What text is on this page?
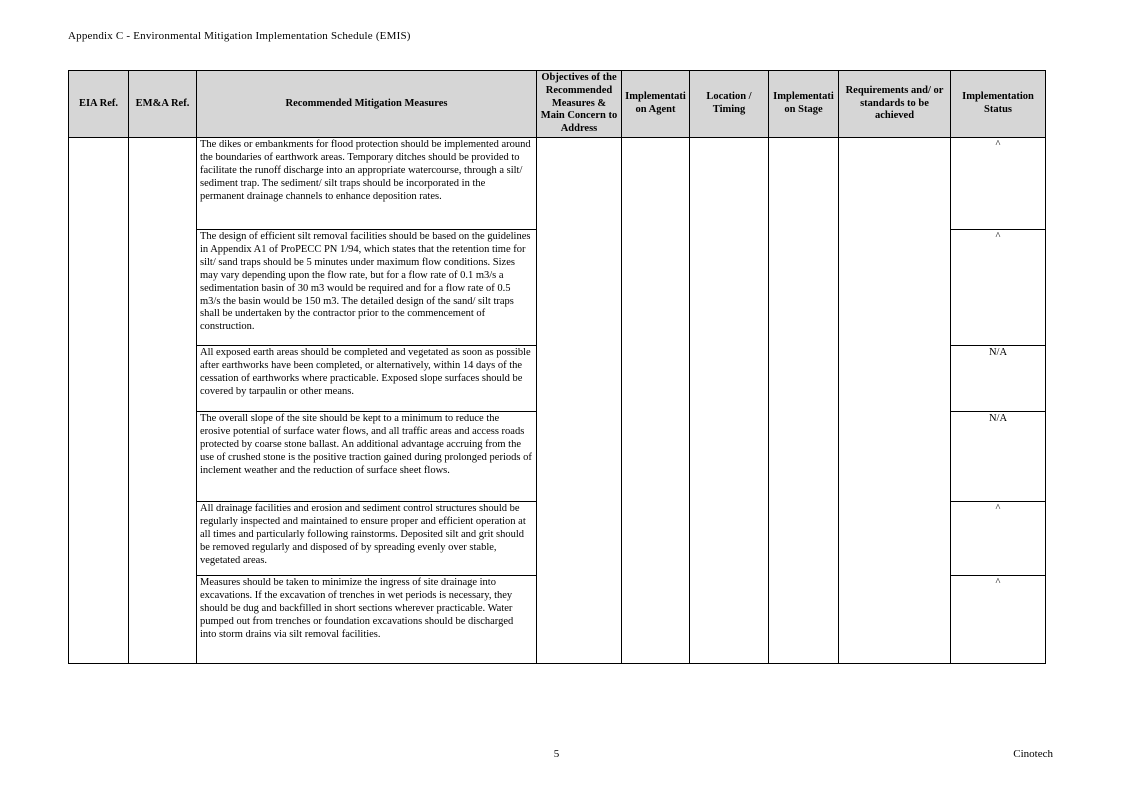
Appendix C - Environmental Mitigation Implementation Schedule (EMIS)
EIA Ref.	EM&A Ref.	Recommended Mitigation Measures	Objectives of the Recommended Measures & Main Concern to Address	Implementation Agent	Location / Timing	Implementation Stage	Requirements and/ or standards to be achieved	Implementation Status
		The dikes or embankments for flood protection should be implemented around the boundaries of earthwork areas. Temporary ditches should be provided to facilitate the runoff discharge into an appropriate watercourse, through a silt/ sediment trap. The sediment/ silt traps should be incorporated in the permanent drainage channels to enhance deposition rates.						^
		The design of efficient silt removal facilities should be based on the guidelines in Appendix A1 of ProPECC PN 1/94, which states that the retention time for silt/ sand traps should be 5 minutes under maximum flow conditions. Sizes may vary depending upon the flow rate, but for a flow rate of 0.1 m3/s a sedimentation basin of 30 m3 would be required and for a flow rate of 0.5 m3/s the basin would be 150 m3. The detailed design of the sand/ silt traps shall be undertaken by the contractor prior to the commencement of construction.						^
		All exposed earth areas should be completed and vegetated as soon as possible after earthworks have been completed, or alternatively, within 14 days of the cessation of earthworks where practicable. Exposed slope surfaces should be covered by tarpaulin or other means.						N/A
		The overall slope of the site should be kept to a minimum to reduce the erosive potential of surface water flows, and all traffic areas and access roads protected by coarse stone ballast. An additional advantage accruing from the use of crushed stone is the positive traction gained during prolonged periods of inclement weather and the reduction of surface sheet flows.						N/A
		All drainage facilities and erosion and sediment control structures should be regularly inspected and maintained to ensure proper and efficient operation at all times and particularly following rainstorms. Deposited silt and grit should be removed regularly and disposed of by spreading evenly over stable, vegetated areas.						^
		Measures should be taken to minimize the ingress of site drainage into excavations. If the excavation of trenches in wet periods is necessary, they should be dug and backfilled in short sections wherever practicable. Water pumped out from trenches or foundation excavations should be discharged into storm drains via silt removal facilities.						^
5	Cinotech
